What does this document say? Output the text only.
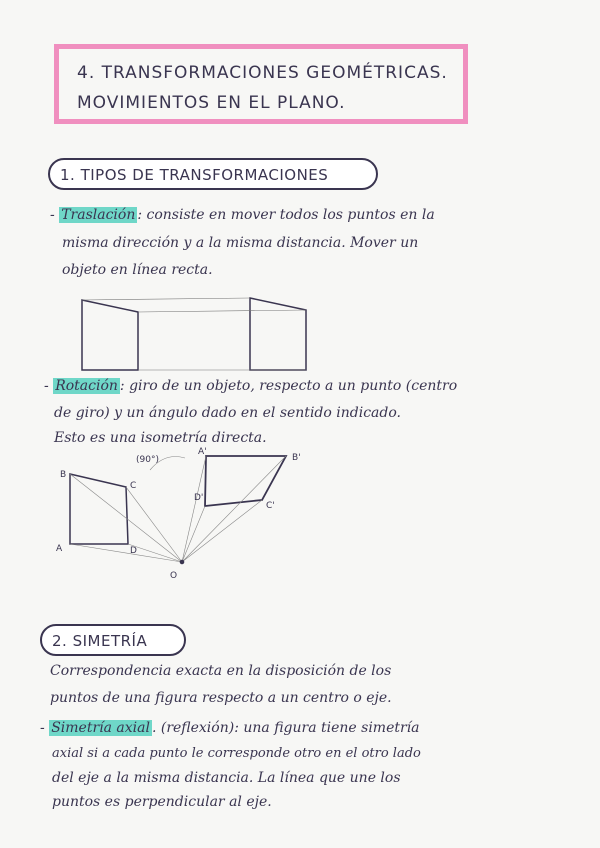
4. TRANSFORMACIONES GEOMÉTRICAS.
MOVIMIENTOS EN EL PLANO.
1. TIPOS DE TRANSFORMACIONES
- Traslación : consiste en mover todos los puntos en la
misma dirección y a la misma distancia. Mover un
objeto en línea recta.
(90°)
B
C
A	D
O
A'
B'
C'
D'
- Rotación : giro de un objeto, respecto a un punto (centro
de giro) y un ángulo dado en el sentido indicado.
Esto es una isometría directa.
2. SIMETRÍA
Correspondencia exacta en la disposición de los
puntos de una figura respecto a un centro o eje.
- Simetría axial . (reflexión): una figura tiene simetría
axial si a cada punto le corresponde otro en el otro lado
del eje a la misma distancia. La línea que une los
puntos es perpendicular al eje.
